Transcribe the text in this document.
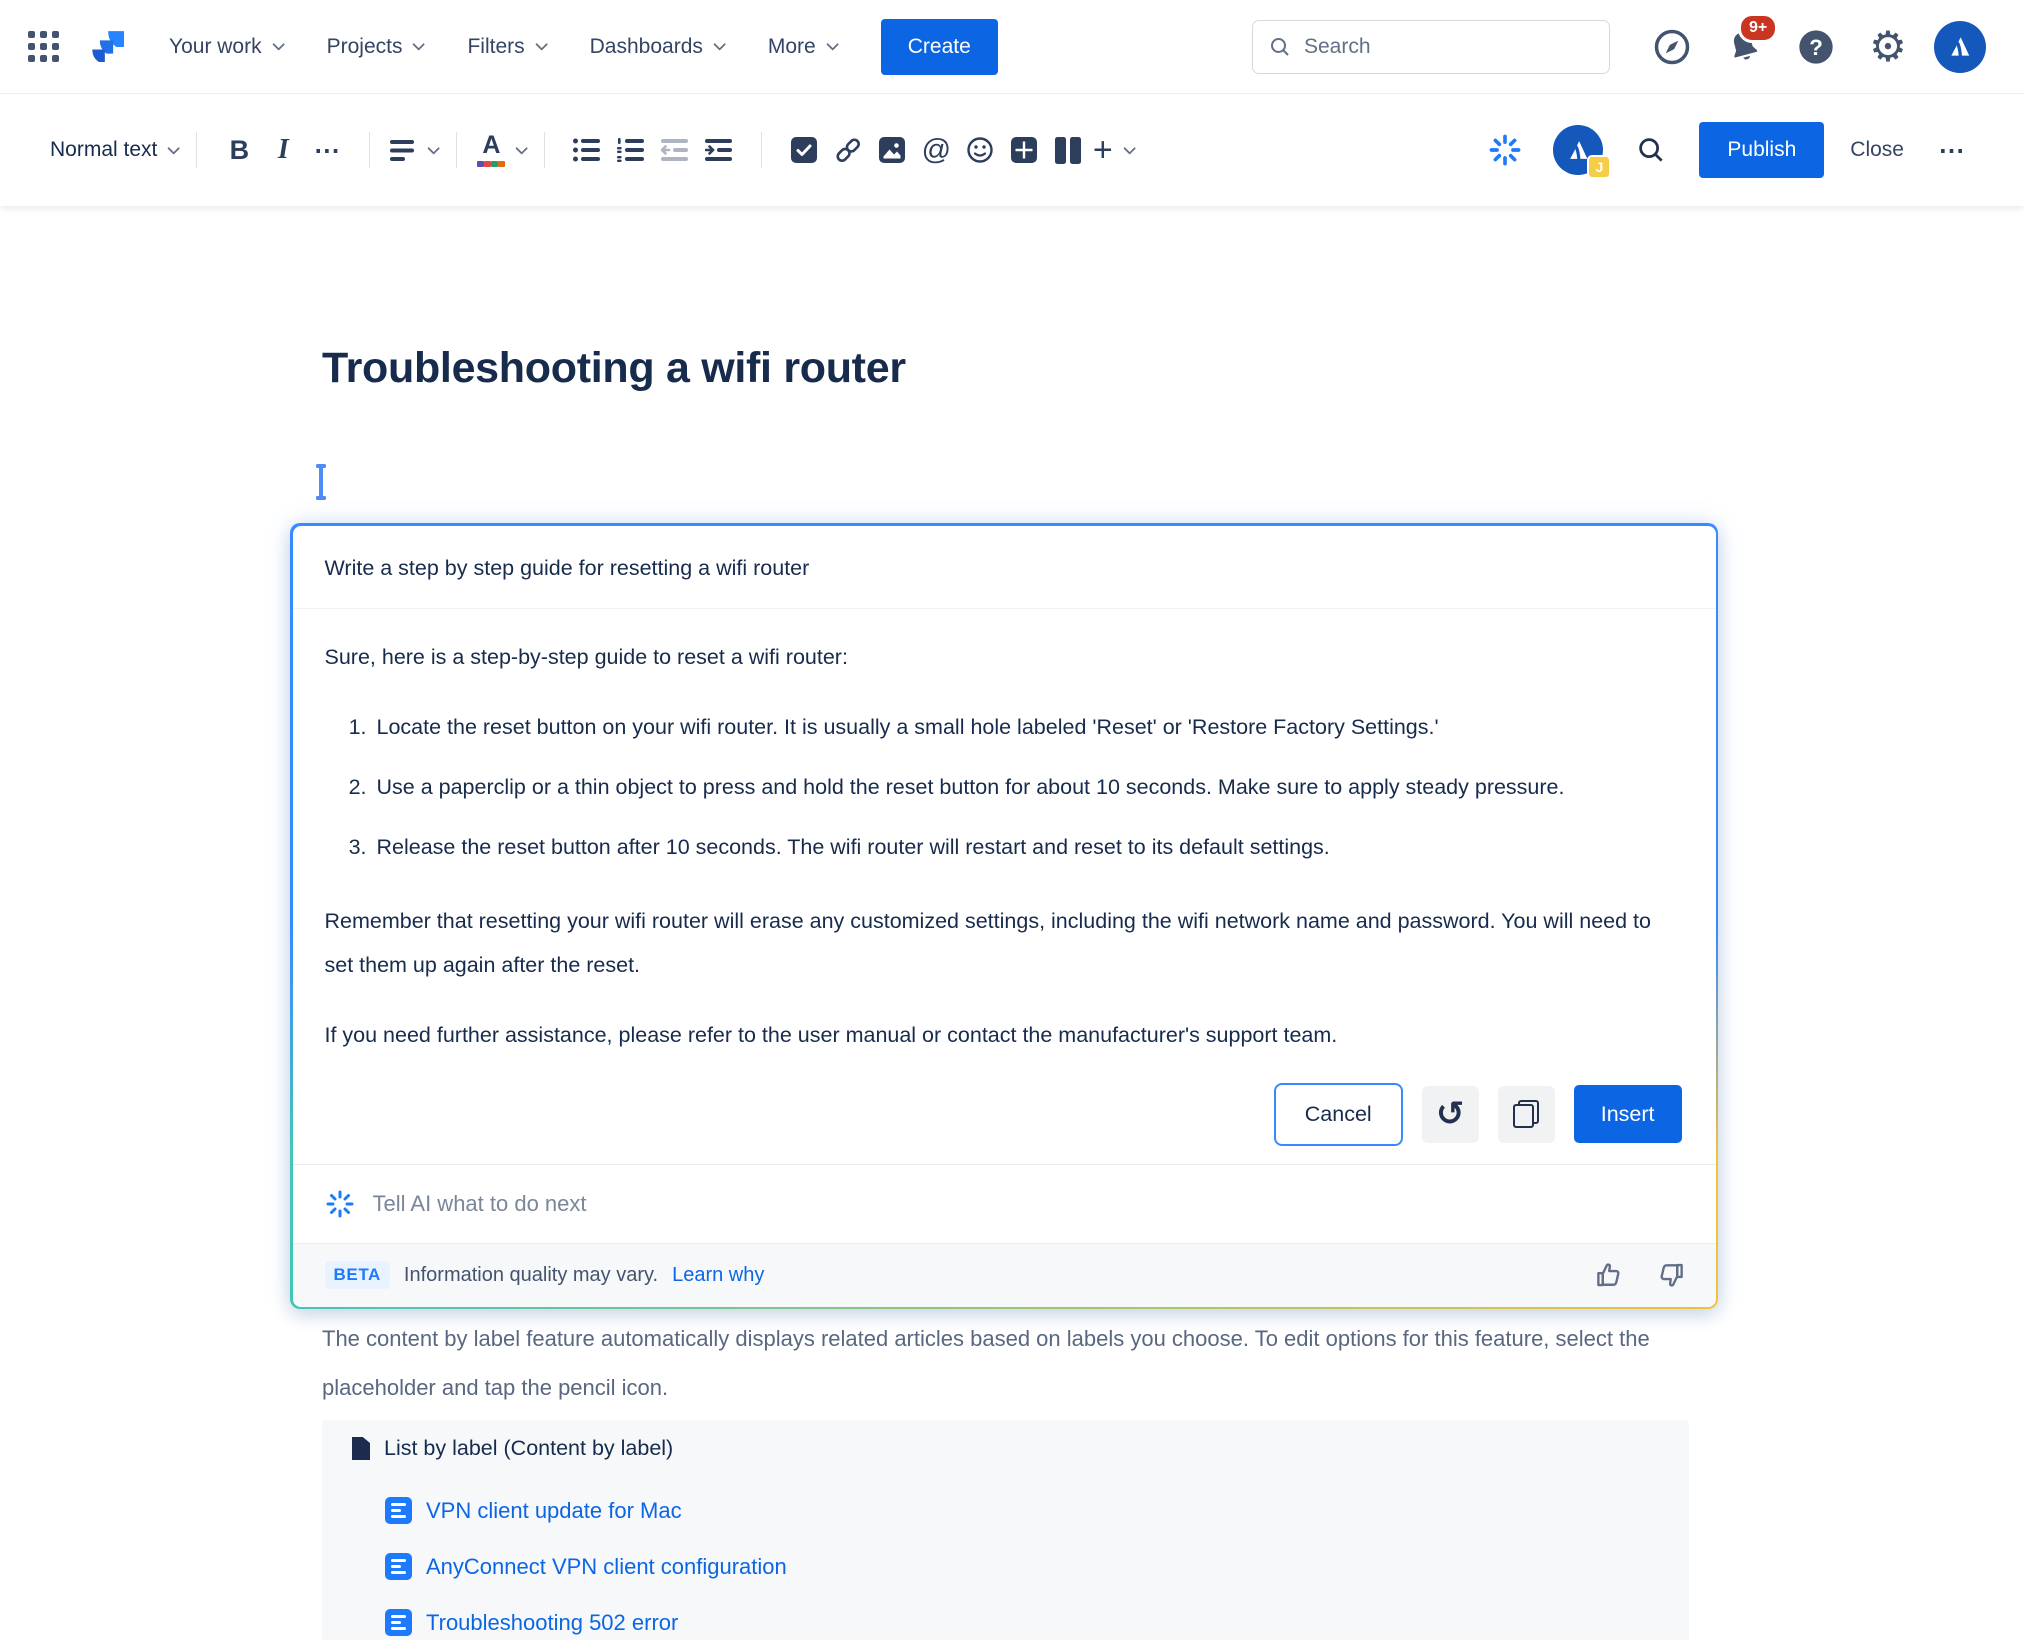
Your work	Projects	Filters	Dashboards	More	Create
Search
9+
? ⚙
Normal text	B	I ⋯	A	@	+	J
Publish	Close	⋯
Troubleshooting a wifi router
Write a step by step guide for resetting a wifi router

Sure, here is a step-by-step guide to reset a wifi router:

1. Locate the reset button on your wifi router. It is usually a small hole labeled 'Reset' or 'Restore Factory Settings.'
2. Use a paperclip or a thin object to press and hold the reset button for about 10 seconds. Make sure to apply steady pressure.
3. Release the reset button after 10 seconds. The wifi router will restart and reset to its default settings.

Remember that resetting your wifi router will erase any customized settings, including the wifi network name and password. You will need to set them up again after the reset.

If you need further assistance, please refer to the user manual or contact the manufacturer's support team.

Cancel	↺	Insert
Tell AI what to do next
BETA	Information quality may vary. Learn why

The content by label feature automatically displays related articles based on labels you choose. To edit options for this feature, select the placeholder and tap the pencil icon.

List by label (Content by label)
VPN client update for Mac
AnyConnect VPN client configuration
Troubleshooting 502 error
